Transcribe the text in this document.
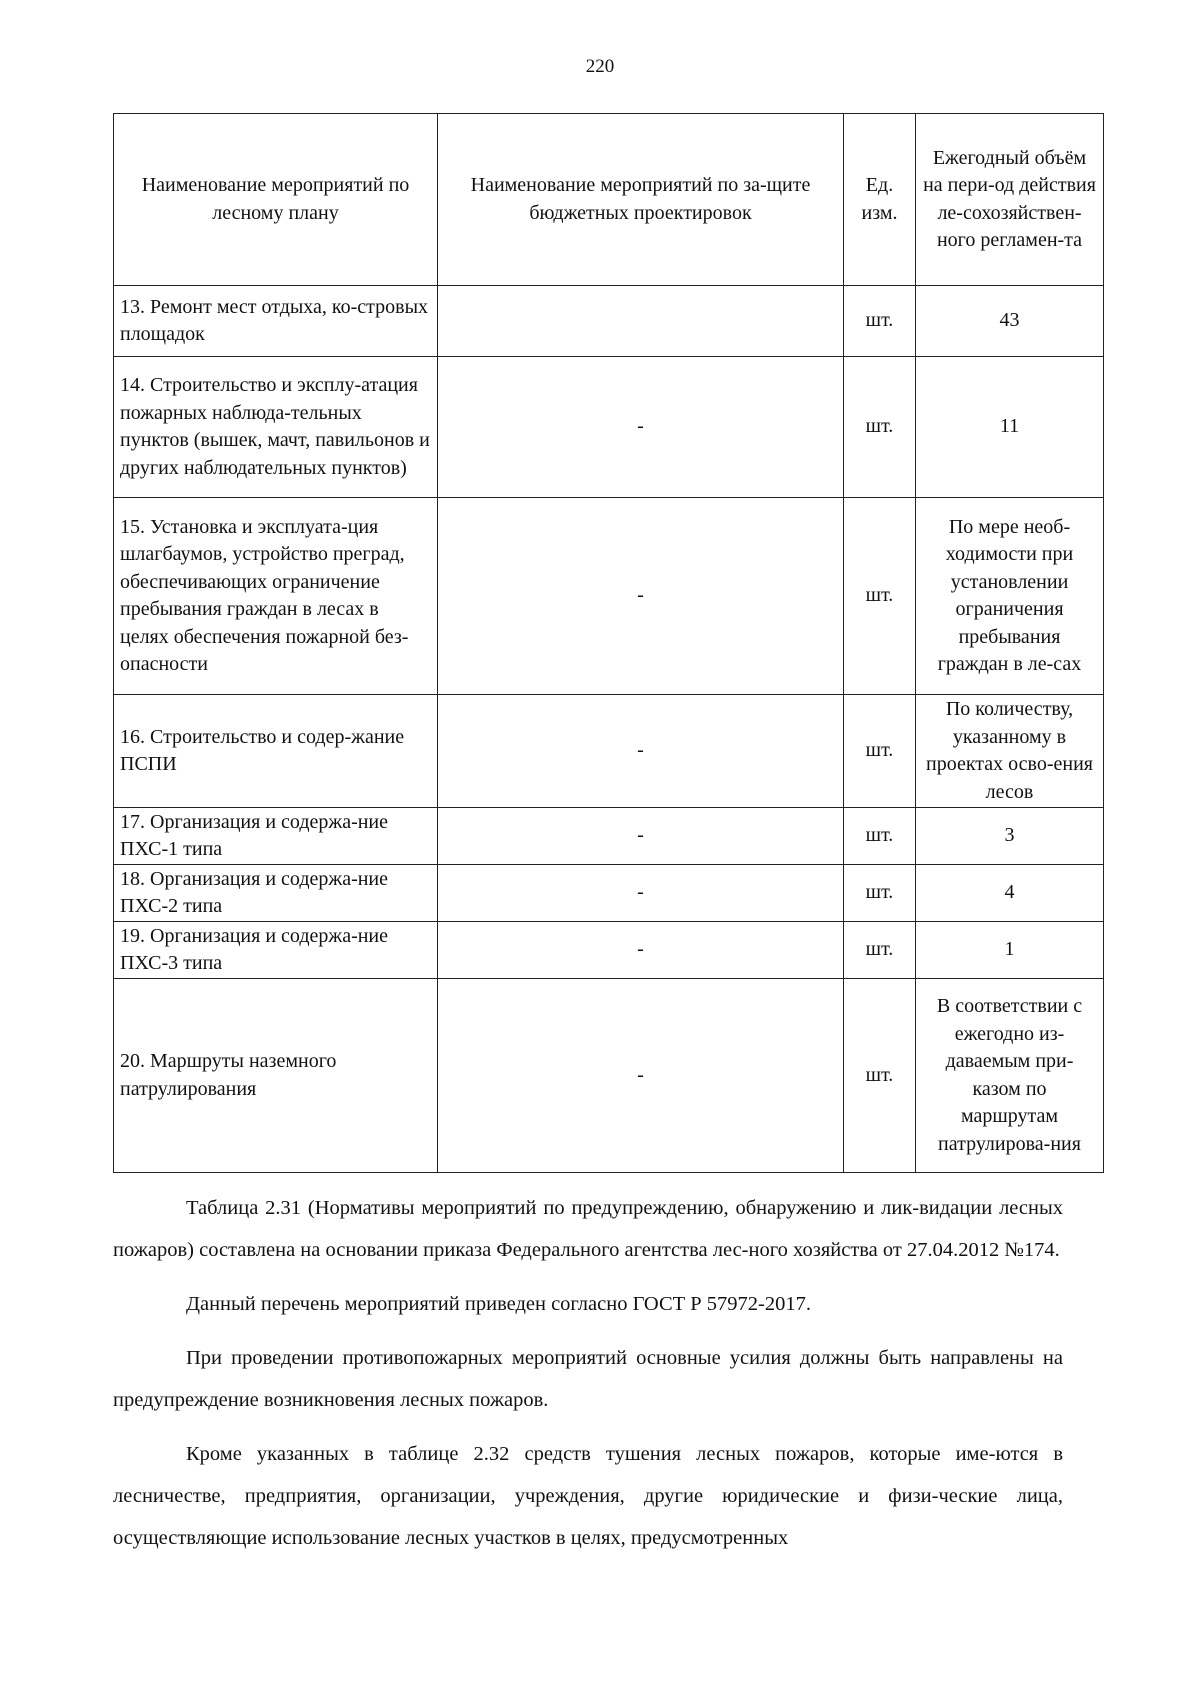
220
Наименование мероприятий по лесному плану	Наименование мероприятий по за-щите бюджетных проектировок	Ед. изм.	Ежегодный объём на пери-од действия ле-сохозяйствен-ного регламен-та
13. Ремонт мест отдыха, ко-стровых площадок		шт.	43
14. Строительство и эксплу-атация пожарных наблюда-тельных пунктов (вышек, мачт, павильонов и других наблюдательных пунктов)	-	шт.	11
15. Установка и эксплуата-ция шлагбаумов, устройство преград, обеспечивающих ограничение пребывания граждан в лесах в целях обеспечения пожарной без-опасности	-	шт.	По мере необ-ходимости при установлении ограничения пребывания граждан в ле-сах
16. Строительство и содер-жание ПСПИ	-	шт.	По количеству, указанному в проектах осво-ения лесов
17. Организация и содержа-ние ПХС-1 типа	-	шт.	3
18. Организация и содержа-ние ПХС-2 типа	-	шт.	4
19. Организация и содержа-ние ПХС-3 типа	-	шт.	1
20. Маршруты наземного патрулирования	-	шт.	В соответствии с ежегодно из-даваемым при-казом по маршрутам патрулирова-ния

Таблица 2.31 (Нормативы мероприятий по предупреждению, обнаружению и лик-видации лесных пожаров) составлена на основании приказа Федерального агентства лес-ного хозяйства от 27.04.2012 №174.

Данный перечень мероприятий приведен согласно ГОСТ Р 57972-2017.

При проведении противопожарных мероприятий основные усилия должны быть направлены на предупреждение возникновения лесных пожаров.

Кроме указанных в таблице 2.32 средств тушения лесных пожаров, которые име-ются в лесничестве, предприятия, организации, учреждения, другие юридические и физи-ческие лица, осуществляющие использование лесных участков в целях, предусмотренных
